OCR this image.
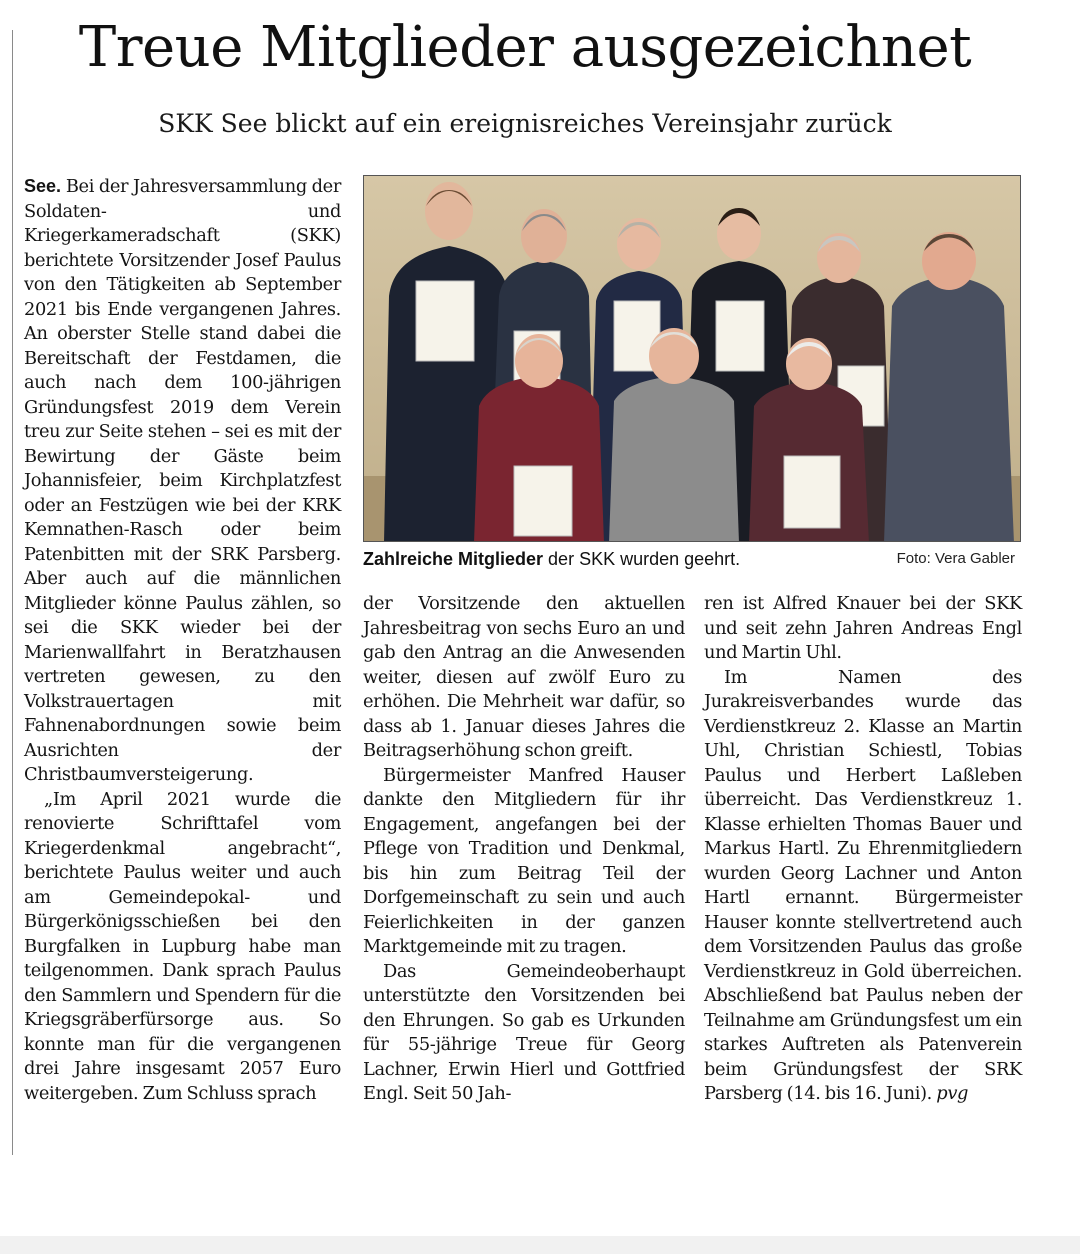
Treue Mitglieder ausgezeichnet
SKK See blickt auf ein ereignisreiches Vereinsjahr zurück

See. Bei der Jahresversammlung der Soldaten- und Kriegerkameradschaft (SKK) berichtete Vorsitzender Josef Paulus von den Tätigkeiten ab September 2021 bis Ende vergangenen Jahres. An oberster Stelle stand dabei die Bereitschaft der Festdamen, die auch nach dem 100-jährigen Gründungsfest 2019 dem Verein treu zur Seite stehen – sei es mit der Bewirtung der Gäste beim Johannisfeier, beim Kirchplatzfest oder an Festzügen wie bei der KRK Kemnathen-Rasch oder beim Patenbitten mit der SRK Parsberg. Aber auch auf die männlichen Mitglieder könne Paulus zählen, so sei die SKK wieder bei der Marienwallfahrt in Beratzhausen vertreten gewesen, zu den Volkstrauertagen mit Fahnenabordnungen sowie beim Ausrichten der Christbaumversteigerung.

„Im April 2021 wurde die renovierte Schrifttafel vom Kriegerdenkmal angebracht“, berichtete Paulus weiter und auch am Gemeindepokal- und Bürgerkönigsschießen bei den Burgfalken in Lupburg habe man teilgenommen. Dank sprach Paulus den Sammlern und Spendern für die Kriegsgräberfürsorge aus. So konnte man für die vergangenen drei Jahre insgesamt 2057 Euro weitergeben. Zum Schluss sprach

Zahlreiche Mitglieder der SKK wurden geehrt.	Foto: Vera Gabler

der Vorsitzende den aktuellen Jahresbeitrag von sechs Euro an und gab den Antrag an die Anwesenden weiter, diesen auf zwölf Euro zu erhöhen. Die Mehrheit war dafür, so dass ab 1. Januar dieses Jahres die Beitragserhöhung schon greift.

Bürgermeister Manfred Hauser dankte den Mitgliedern für ihr Engagement, angefangen bei der Pflege von Tradition und Denkmal, bis hin zum Beitrag Teil der Dorfgemeinschaft zu sein und auch Feierlichkeiten in der ganzen Marktgemeinde mit zu tragen.

Das Gemeindeoberhaupt unterstützte den Vorsitzenden bei den Ehrungen. So gab es Urkunden für 55-jährige Treue für Georg Lachner, Erwin Hierl und Gottfried Engl. Seit 50 Jah-

ren ist Alfred Knauer bei der SKK und seit zehn Jahren Andreas Engl und Martin Uhl.

Im Namen des Jurakreisverbandes wurde das Verdienstkreuz 2. Klasse an Martin Uhl, Christian Schiestl, Tobias Paulus und Herbert Laßleben überreicht. Das Verdienstkreuz 1. Klasse erhielten Thomas Bauer und Markus Hartl. Zu Ehrenmitgliedern wurden Georg Lachner und Anton Hartl ernannt. Bürgermeister Hauser konnte stellvertretend auch dem Vorsitzenden Paulus das große Verdienstkreuz in Gold überreichen. Abschließend bat Paulus neben der Teilnahme am Gründungsfest um ein starkes Auftreten als Patenverein beim Gründungsfest der SRK Parsberg (14. bis 16. Juni). pvg
